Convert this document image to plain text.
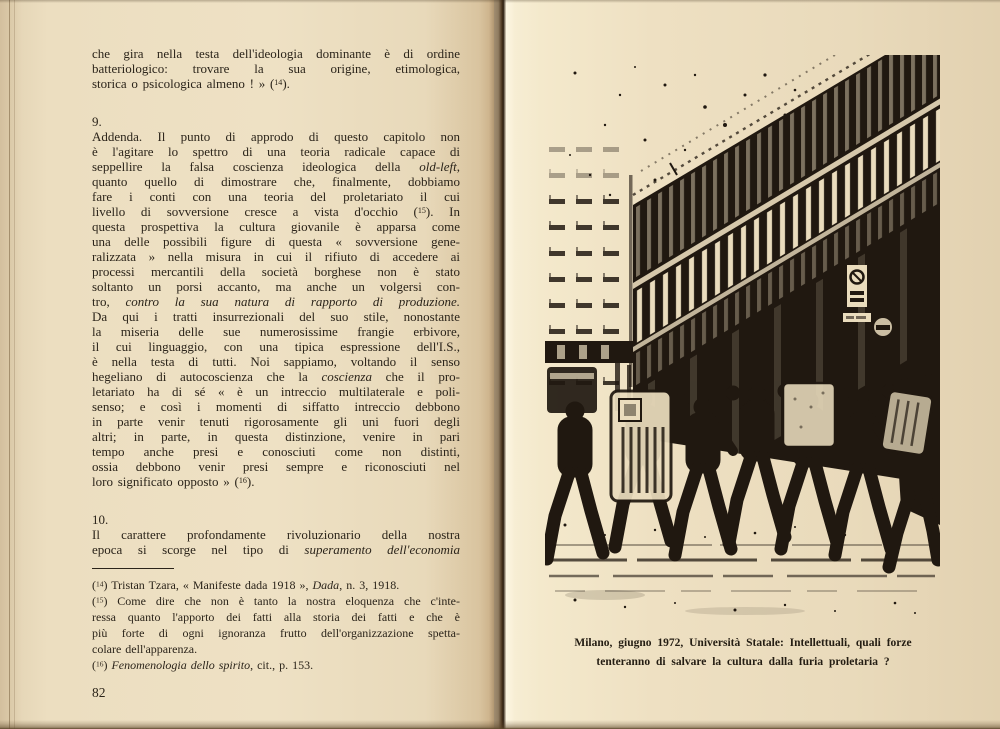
che gira nella testa dell'ideologia dominante è di ordine
batteriologico: trovare la sua origine, etimologica,
storica o psicologica almeno ! » ($^{14}$).
9.
Addenda. Il punto di approdo di questo capitolo non
è l'agitare lo spettro di una teoria radicale capace di
seppellire la falsa coscienza ideologica della old-left,
quanto quello di dimostrare che, finalmente, dobbiamo
fare i conti con una teoria del proletariato il cui
livello di sovversione cresce a vista d'occhio ($^{15}$). In
questa prospettiva la cultura giovanile è apparsa come
una delle possibili figure di questa « sovversione gene-
ralizzata » nella misura in cui il rifiuto di accedere ai
processi mercantili della società borghese non è stato
soltanto un porsi accanto, ma anche un volgersi con-
tro, contro la sua natura di rapporto di produzione.
Da qui i tratti insurrezionali del suo stile, nonostante
la miseria delle sue numerosissime frangie erbivore,
il cui linguaggio, con una tipica espressione dell'I.S.,
è nella testa di tutti. Noi sappiamo, voltando il senso
hegeliano di autocoscienza che la coscienza che il pro-
letariato ha di sé « è un intreccio multilaterale e poli-
senso; e così i momenti di siffatto intreccio debbono
in parte venir tenuti rigorosamente gli uni fuori degli
altri; in parte, in questa distinzione, venire in pari
tempo anche presi e conosciuti come non distinti,
ossia debbono venir presi sempre e riconosciuti nel
loro significato opposto » ($^{16}$).
10.
Il carattere profondamente rivoluzionario della nostra
epoca si scorge nel tipo di superamento dell'economia
($^{14}$) Tristan Tzara, « Manifeste dada 1918 », Dada, n. 3, 1918.
($^{15}$) Come dire che non è tanto la nostra eloquenza che c'inte-
ressa quanto l'apporto dei fatti alla storia dei fatti e che è
più forte di ogni ignoranza frutto dell'organizzazione spetta-
colare dell'apparenza.
($^{16}$) Fenomenologia dello spirito, cit., p. 153.
82
Milano, giugno 1972, Università Statale: Intellettuali, quali forze
tenteranno di salvare la cultura dalla furia proletaria ?
